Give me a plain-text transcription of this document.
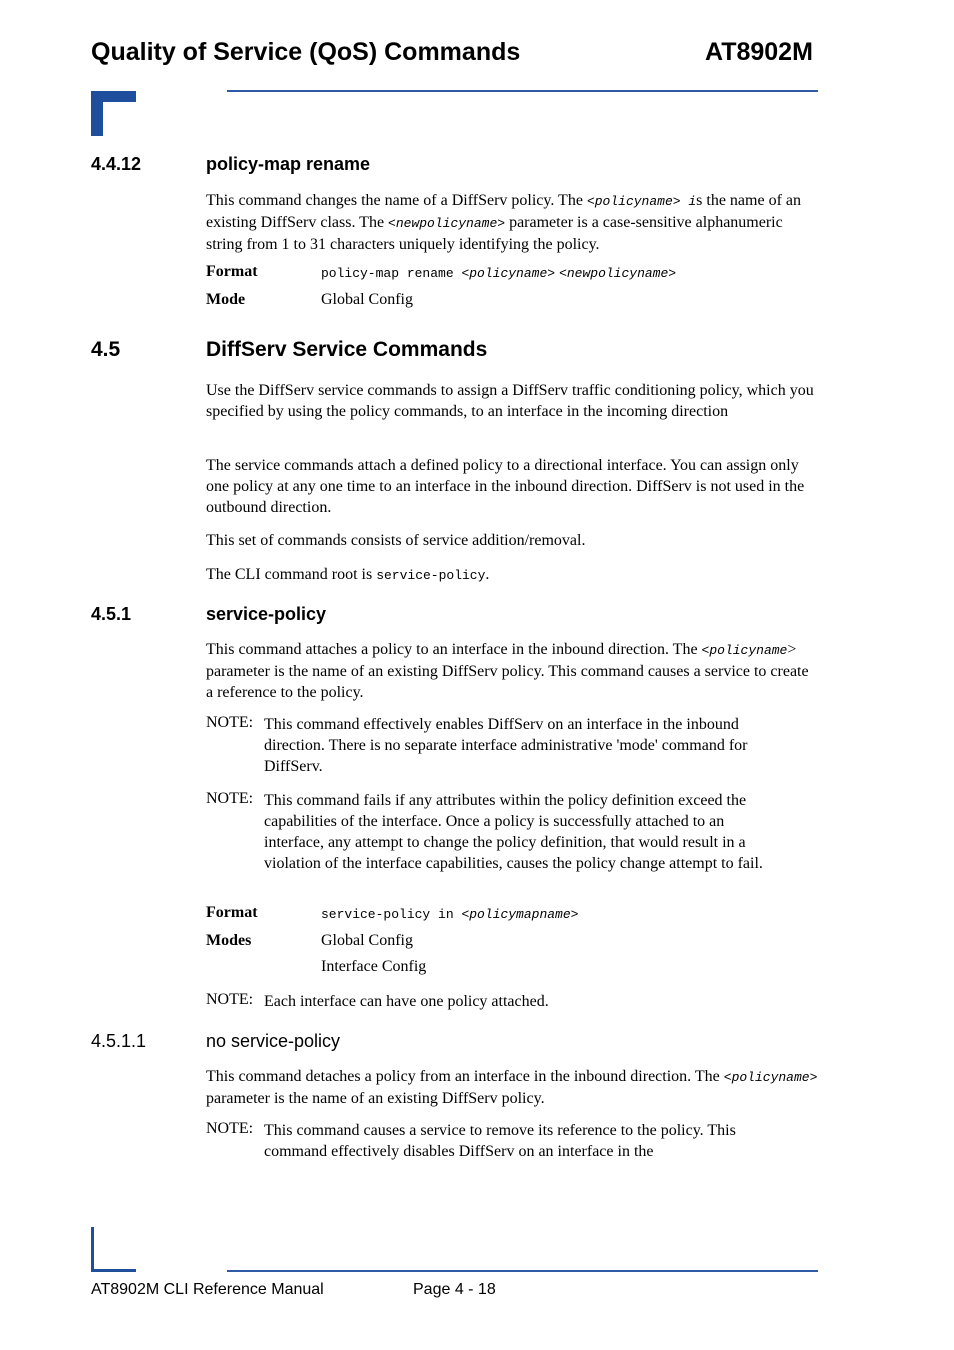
Quality of Service (QoS) Commands	AT8902M
4.4.12	policy-map rename

This command changes the name of a DiffServ policy. The <policyname> is the name of an existing DiffServ class. The <newpolicyname> parameter is a case-sensitive alphanumeric string from 1 to 31 characters uniquely identifying the policy.

Format	policy-map rename <policyname> <newpolicyname>
Mode	Global Config
4.5	DiffServ Service Commands

Use the DiffServ service commands to assign a DiffServ traffic conditioning policy, which you specified by using the policy commands, to an interface in the incoming direction

The service commands attach a defined policy to a directional interface. You can assign only one policy at any one time to an interface in the inbound direction. DiffServ is not used in the outbound direction.

This set of commands consists of service addition/removal.

The CLI command root is service-policy.

4.5.1	service-policy

This command attaches a policy to an interface in the inbound direction. The <policyname> parameter is the name of an existing DiffServ policy. This command causes a service to create a reference to the policy.

NOTE: This command effectively enables DiffServ on an interface in the inbound direction. There is no separate interface administrative 'mode' command for DiffServ.

NOTE: This command fails if any attributes within the policy definition exceed the capabilities of the interface. Once a policy is successfully attached to an interface, any attempt to change the policy definition, that would result in a violation of the interface capabilities, causes the policy change attempt to fail.

Format	service-policy in <policymapname>
Modes	Global Config
Interface Config
NOTE: Each interface can have one policy attached.

4.5.1.1	no service-policy

This command detaches a policy from an interface in the inbound direction. The <policyname> parameter is the name of an existing DiffServ policy.

NOTE: This command causes a service to remove its reference to the policy. This command effectively disables DiffServ on an interface in the

AT8902M CLI Reference Manual	Page 4 - 18
